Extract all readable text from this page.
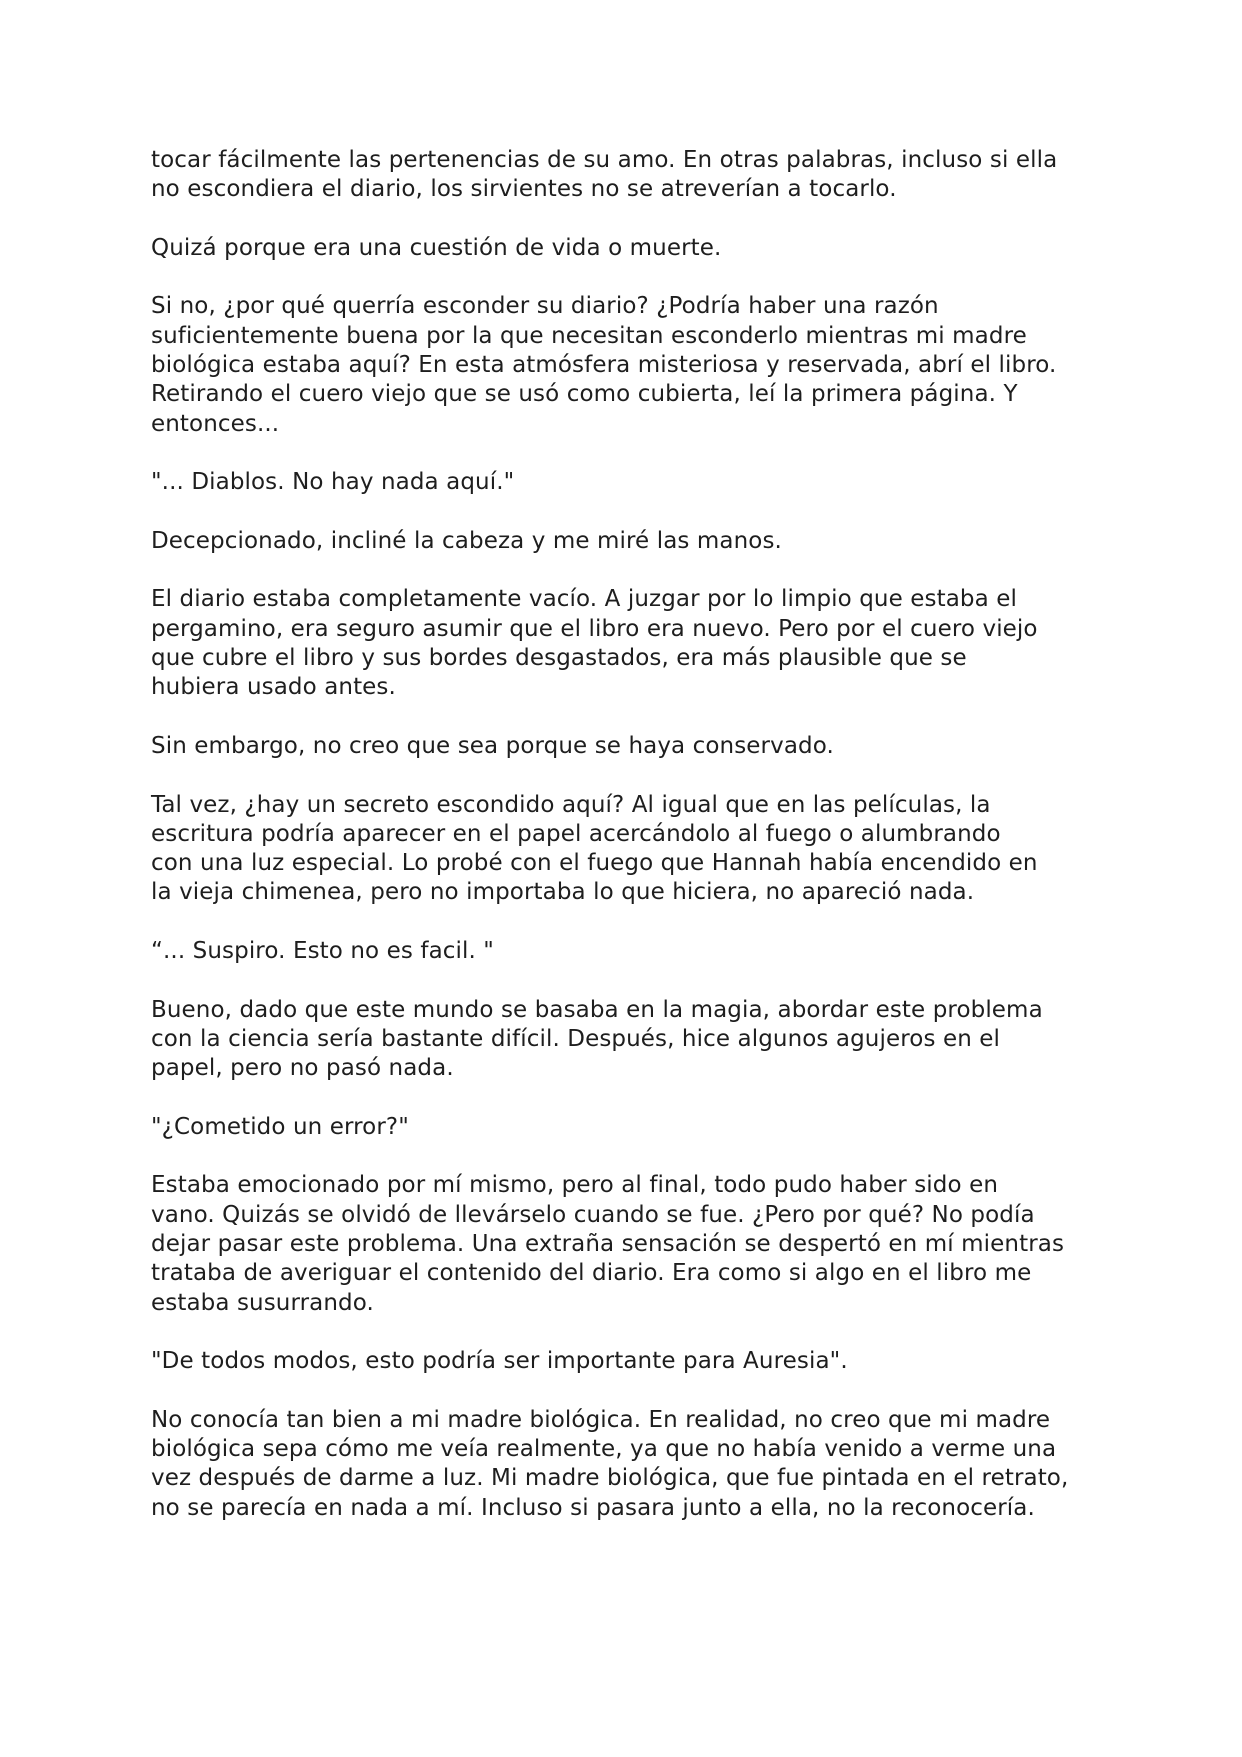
tocar fácilmente las pertenencias de su amo. En otras palabras, incluso si ella
no escondiera el diario, los sirvientes no se atreverían a tocarlo.

Quizá porque era una cuestión de vida o muerte.

Si no, ¿por qué querría esconder su diario? ¿Podría haber una razón
suficientemente buena por la que necesitan esconderlo mientras mi madre
biológica estaba aquí? En esta atmósfera misteriosa y reservada, abrí el libro.
Retirando el cuero viejo que se usó como cubierta, leí la primera página. Y
entonces...

"... Diablos. No hay nada aquí."

Decepcionado, incliné la cabeza y me miré las manos.

El diario estaba completamente vacío. A juzgar por lo limpio que estaba el
pergamino, era seguro asumir que el libro era nuevo. Pero por el cuero viejo
que cubre el libro y sus bordes desgastados, era más plausible que se
hubiera usado antes.

Sin embargo, no creo que sea porque se haya conservado.

Tal vez, ¿hay un secreto escondido aquí? Al igual que en las películas, la
escritura podría aparecer en el papel acercándolo al fuego o alumbrando
con una luz especial. Lo probé con el fuego que Hannah había encendido en
la vieja chimenea, pero no importaba lo que hiciera, no apareció nada.

“... Suspiro. Esto no es facil. "

Bueno, dado que este mundo se basaba en la magia, abordar este problema
con la ciencia sería bastante difícil. Después, hice algunos agujeros en el
papel, pero no pasó nada.

"¿Cometido un error?"

Estaba emocionado por mí mismo, pero al final, todo pudo haber sido en
vano. Quizás se olvidó de llevárselo cuando se fue. ¿Pero por qué? No podía
dejar pasar este problema. Una extraña sensación se despertó en mí mientras
trataba de averiguar el contenido del diario. Era como si algo en el libro me
estaba susurrando.

"De todos modos, esto podría ser importante para Auresia".

No conocía tan bien a mi madre biológica. En realidad, no creo que mi madre
biológica sepa cómo me veía realmente, ya que no había venido a verme una
vez después de darme a luz. Mi madre biológica, que fue pintada en el retrato,
no se parecía en nada a mí. Incluso si pasara junto a ella, no la reconocería.
